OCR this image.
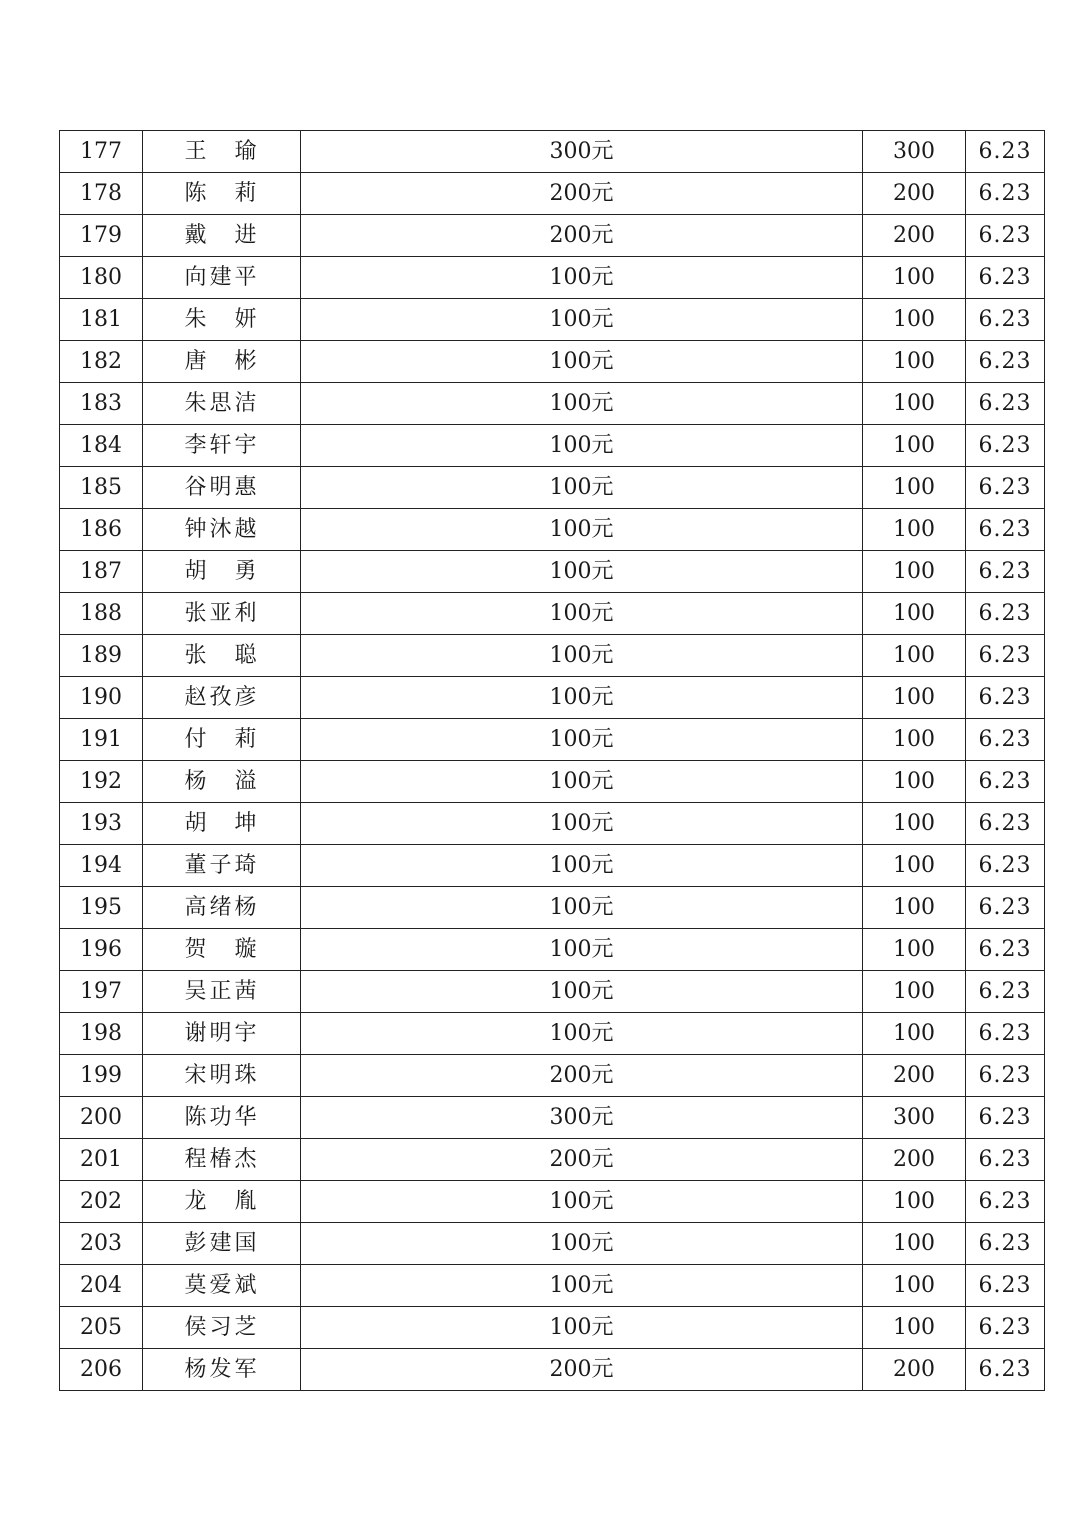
177	王 瑜	300元	300	6.23
178	陈 莉	200元	200	6.23
179	戴 进	200元	200	6.23
180	向建平	100元	100	6.23
181	朱 妍	100元	100	6.23
182	唐 彬	100元	100	6.23
183	朱思洁	100元	100	6.23
184	李轩宇	100元	100	6.23
185	谷明惠	100元	100	6.23
186	钟沐越	100元	100	6.23
187	胡 勇	100元	100	6.23
188	张亚利	100元	100	6.23
189	张 聪	100元	100	6.23
190	赵孜彦	100元	100	6.23
191	付 莉	100元	100	6.23
192	杨 溢	100元	100	6.23
193	胡 坤	100元	100	6.23
194	董子琦	100元	100	6.23
195	高绪杨	100元	100	6.23
196	贺 璇	100元	100	6.23
197	吴正茜	100元	100	6.23
198	谢明宇	100元	100	6.23
199	宋明珠	200元	200	6.23
200	陈功华	300元	300	6.23
201	程椿杰	200元	200	6.23
202	龙 胤	100元	100	6.23
203	彭建国	100元	100	6.23
204	莫爱斌	100元	100	6.23
205	侯习芝	100元	100	6.23
206	杨发军	200元	200	6.23
